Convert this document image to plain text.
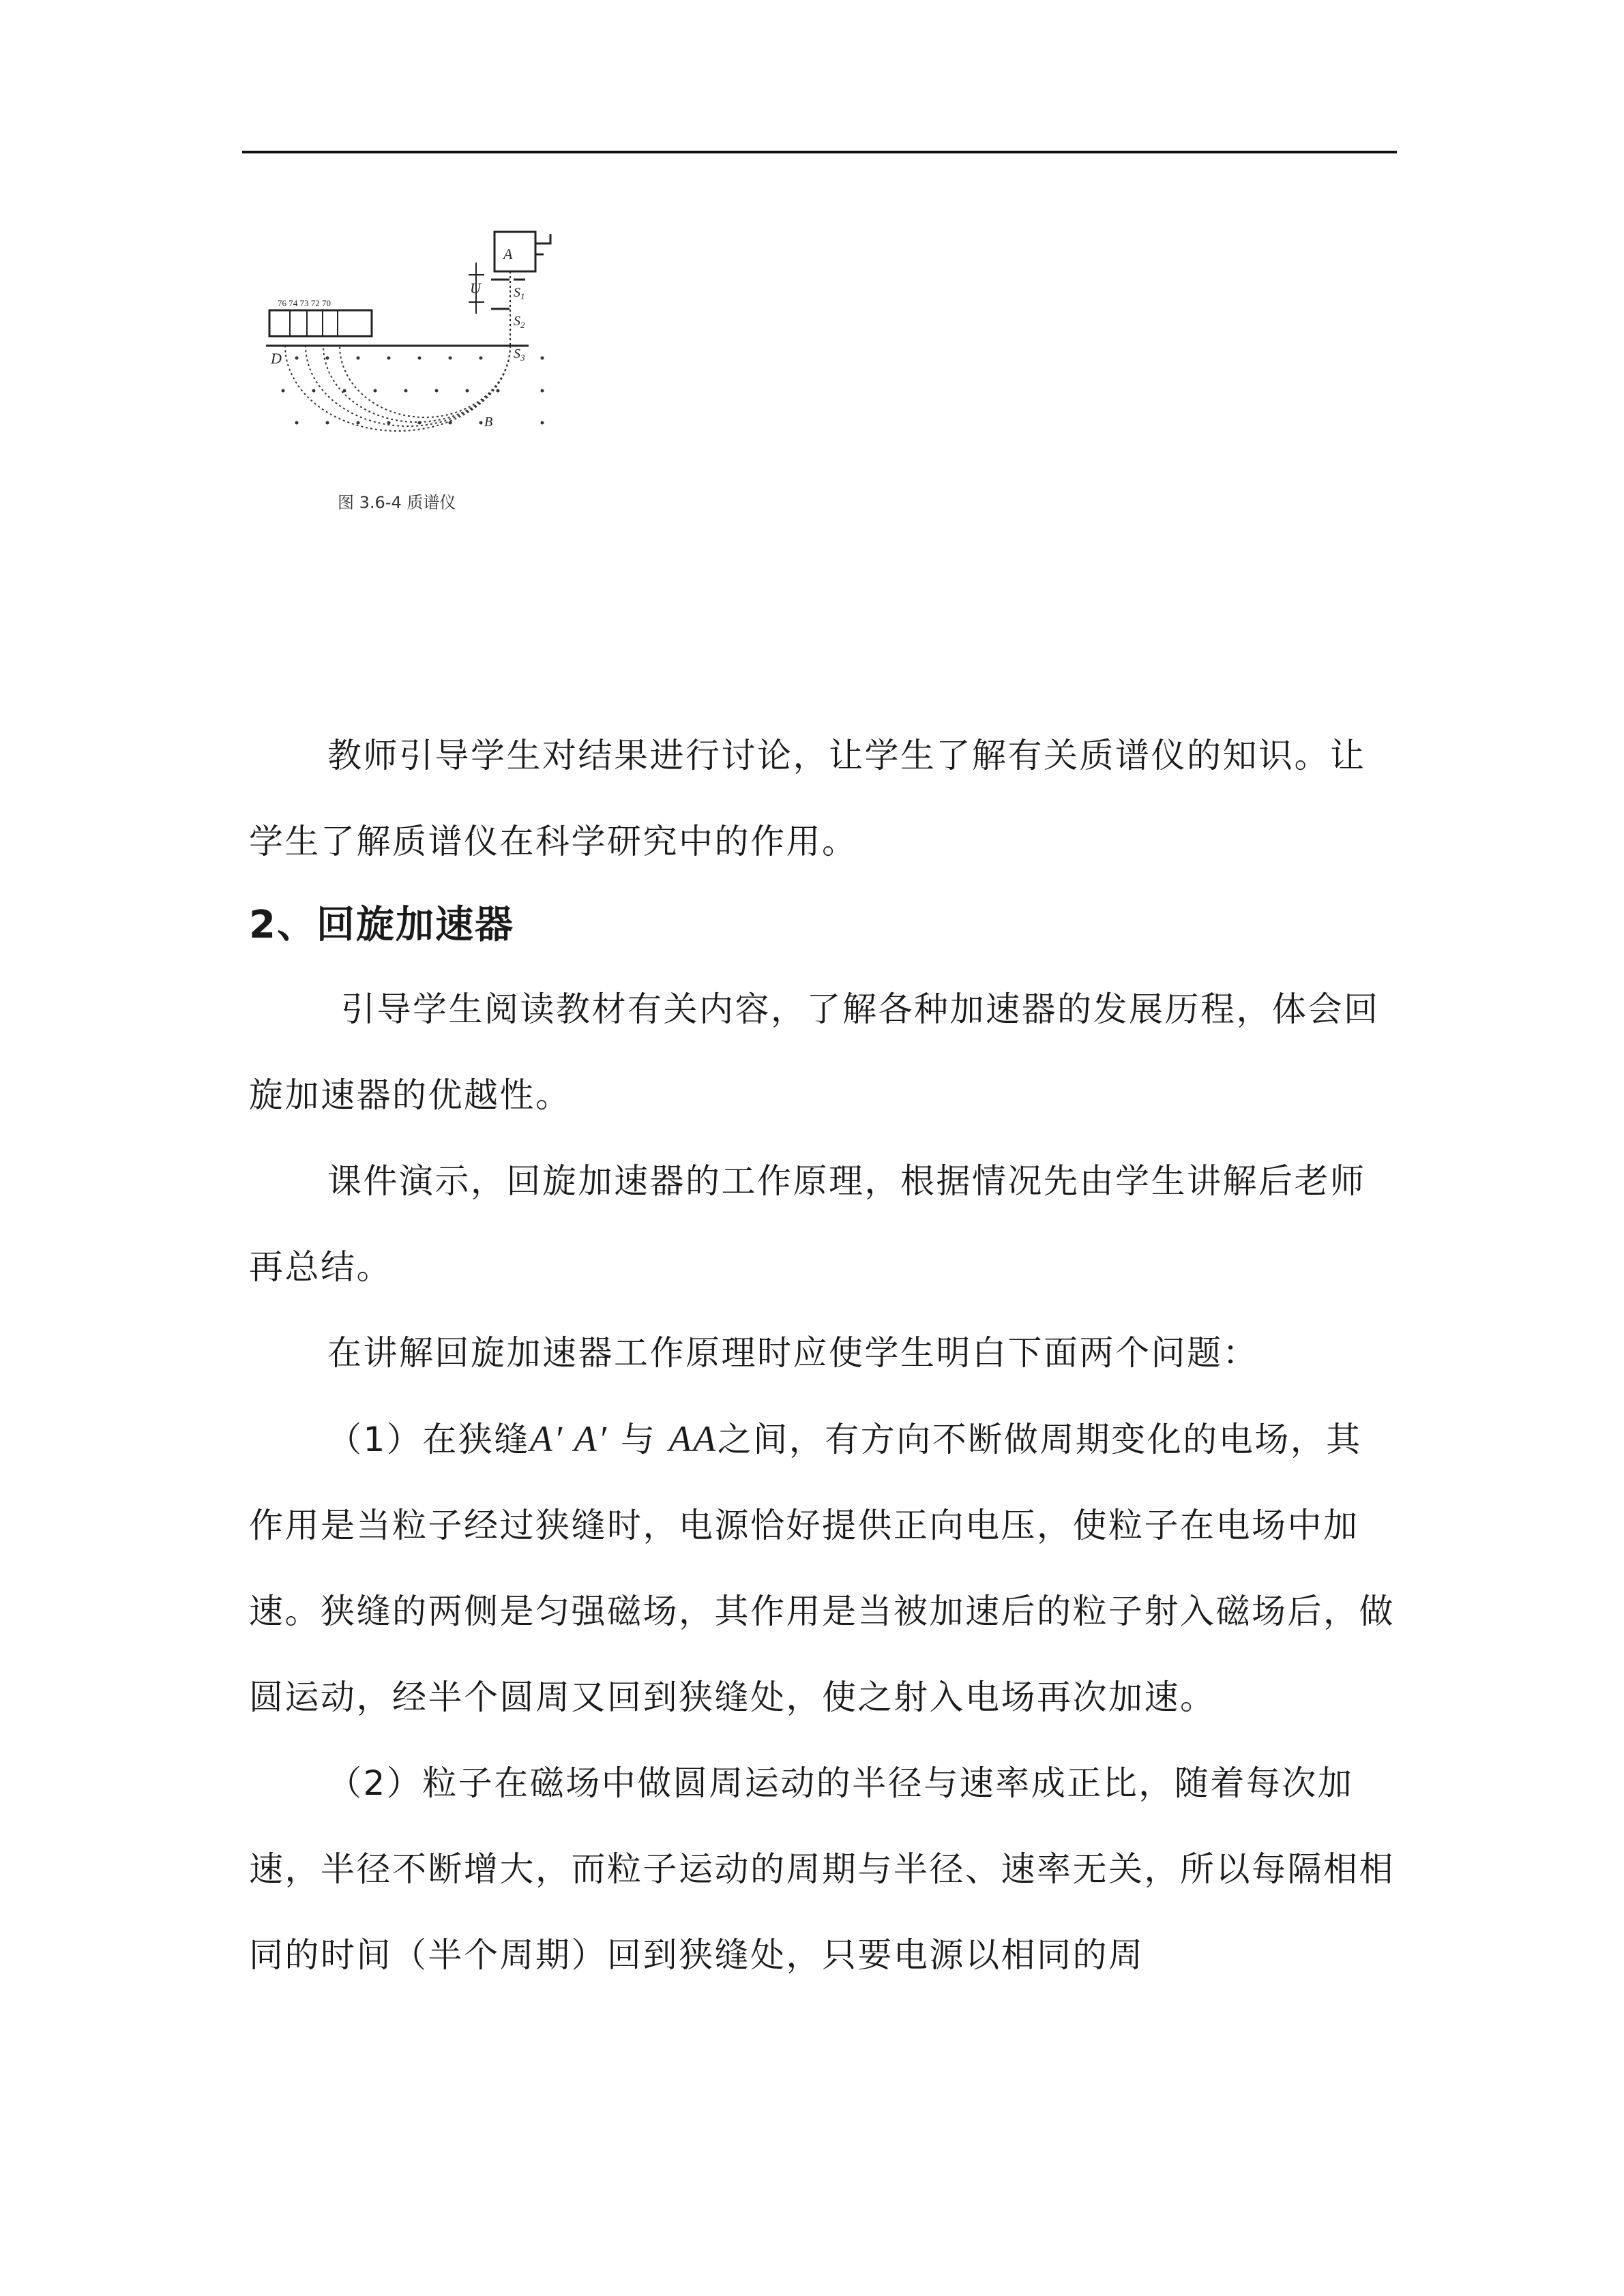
A
U $S_1$
$S_2$
$S_3$
76 74 73 72 70
D
B
图 3.6-4 质谱仪

教师引导学生对结果进行讨论，让学生了解有关质谱仪的知识。让学生了解质谱仪在科学研究中的作用。

2、回旋加速器

引导学生阅读教材有关内容，了解各种加速器的发展历程，体会回旋加速器的优越性。

课件演示，回旋加速器的工作原理，根据情况先由学生讲解后老师再总结。

在讲解回旋加速器工作原理时应使学生明白下面两个问题：

（1）在狭缝A′ A′ 与 AA之间，有方向不断做周期变化的电场，其作用是当粒子经过狭缝时，电源恰好提供正向电压，使粒子在电场中加速。狭缝的两侧是匀强磁场，其作用是当被加速后的粒子射入磁场后，做圆运动，经半个圆周又回到狭缝处，使之射入电场再次加速。

（2）粒子在磁场中做圆周运动的半径与速率成正比，随着每次加速，半径不断增大，而粒子运动的周期与半径、速率无关，所以每隔相相同的时间（半个周期）回到狭缝处，只要电源以相同的周
